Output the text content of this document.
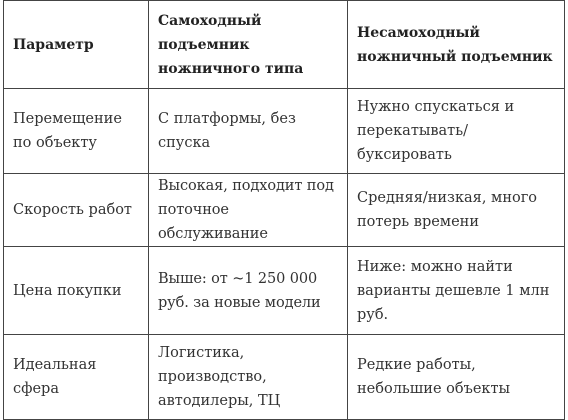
Параметр	Самоходный подъемник ножничного типа	Несамоходный ножничный подъемник
Перемещение по объекту	С платформы, без спуска	Нужно спускаться и перекатывать/ буксировать
Скорость работ	Высокая, подходит под поточное обслуживание	Средняя/низкая, много потерь времени
Цена покупки	Выше: от ~1 250 000 руб. за новые модели	Ниже: можно найти варианты дешевле 1 млн руб.
Идеальная сфера	Логистика, производство, автодилеры, ТЦ	Редкие работы, небольшие объекты
